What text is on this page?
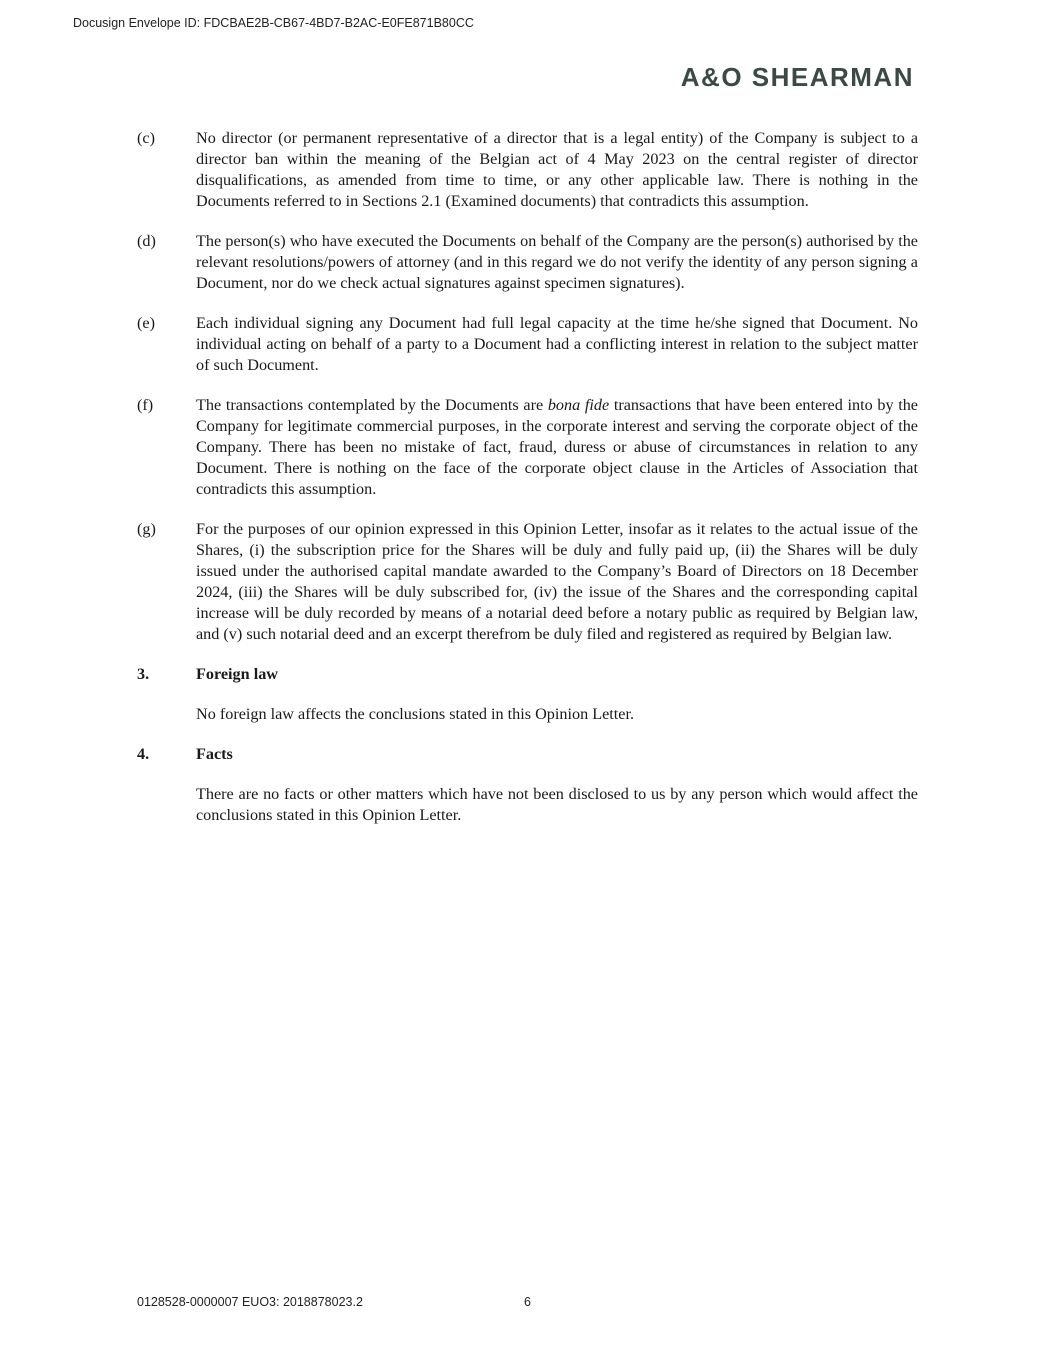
Docusign Envelope ID: FDCBAE2B-CB67-4BD7-B2AC-E0FE871B80CC
A&O SHEARMAN
(c)	No director (or permanent representative of a director that is a legal entity) of the Company is subject to a director ban within the meaning of the Belgian act of 4 May 2023 on the central register of director disqualifications, as amended from time to time, or any other applicable law. There is nothing in the Documents referred to in Sections 2.1 (Examined documents) that contradicts this assumption.
(d)	The person(s) who have executed the Documents on behalf of the Company are the person(s) authorised by the relevant resolutions/powers of attorney (and in this regard we do not verify the identity of any person signing a Document, nor do we check actual signatures against specimen signatures).
(e)	Each individual signing any Document had full legal capacity at the time he/she signed that Document. No individual acting on behalf of a party to a Document had a conflicting interest in relation to the subject matter of such Document.
(f)	The transactions contemplated by the Documents are bona fide transactions that have been entered into by the Company for legitimate commercial purposes, in the corporate interest and serving the corporate object of the Company. There has been no mistake of fact, fraud, duress or abuse of circumstances in relation to any Document. There is nothing on the face of the corporate object clause in the Articles of Association that contradicts this assumption.
(g)	For the purposes of our opinion expressed in this Opinion Letter, insofar as it relates to the actual issue of the Shares, (i) the subscription price for the Shares will be duly and fully paid up, (ii) the Shares will be duly issued under the authorised capital mandate awarded to the Company’s Board of Directors on 18 December 2024, (iii) the Shares will be duly subscribed for, (iv) the issue of the Shares and the corresponding capital increase will be duly recorded by means of a notarial deed before a notary public as required by Belgian law, and (v) such notarial deed and an excerpt therefrom be duly filed and registered as required by Belgian law.
3.	Foreign law
No foreign law affects the conclusions stated in this Opinion Letter.
4.	Facts
There are no facts or other matters which have not been disclosed to us by any person which would affect the conclusions stated in this Opinion Letter.
0128528-0000007 EUO3: 2018878023.2	6
